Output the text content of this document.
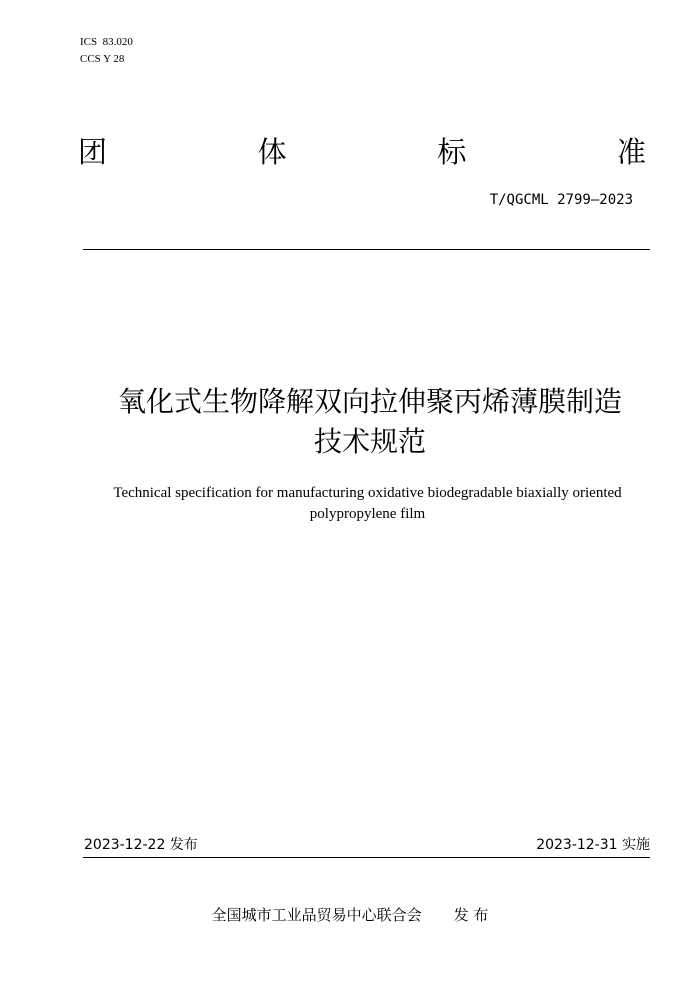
ICS  83.020
CCS Y 28
团	体	标	准
T/QGCML 2799—2023
氧化式生物降解双向拉伸聚丙烯薄膜制造
技术规范
Technical specification for manufacturing oxidative biodegradable biaxially oriented
polypropylene film
2023-12-22 发布	2023-12-31 实施
全国城市工业品贸易中心联合会 发 布
